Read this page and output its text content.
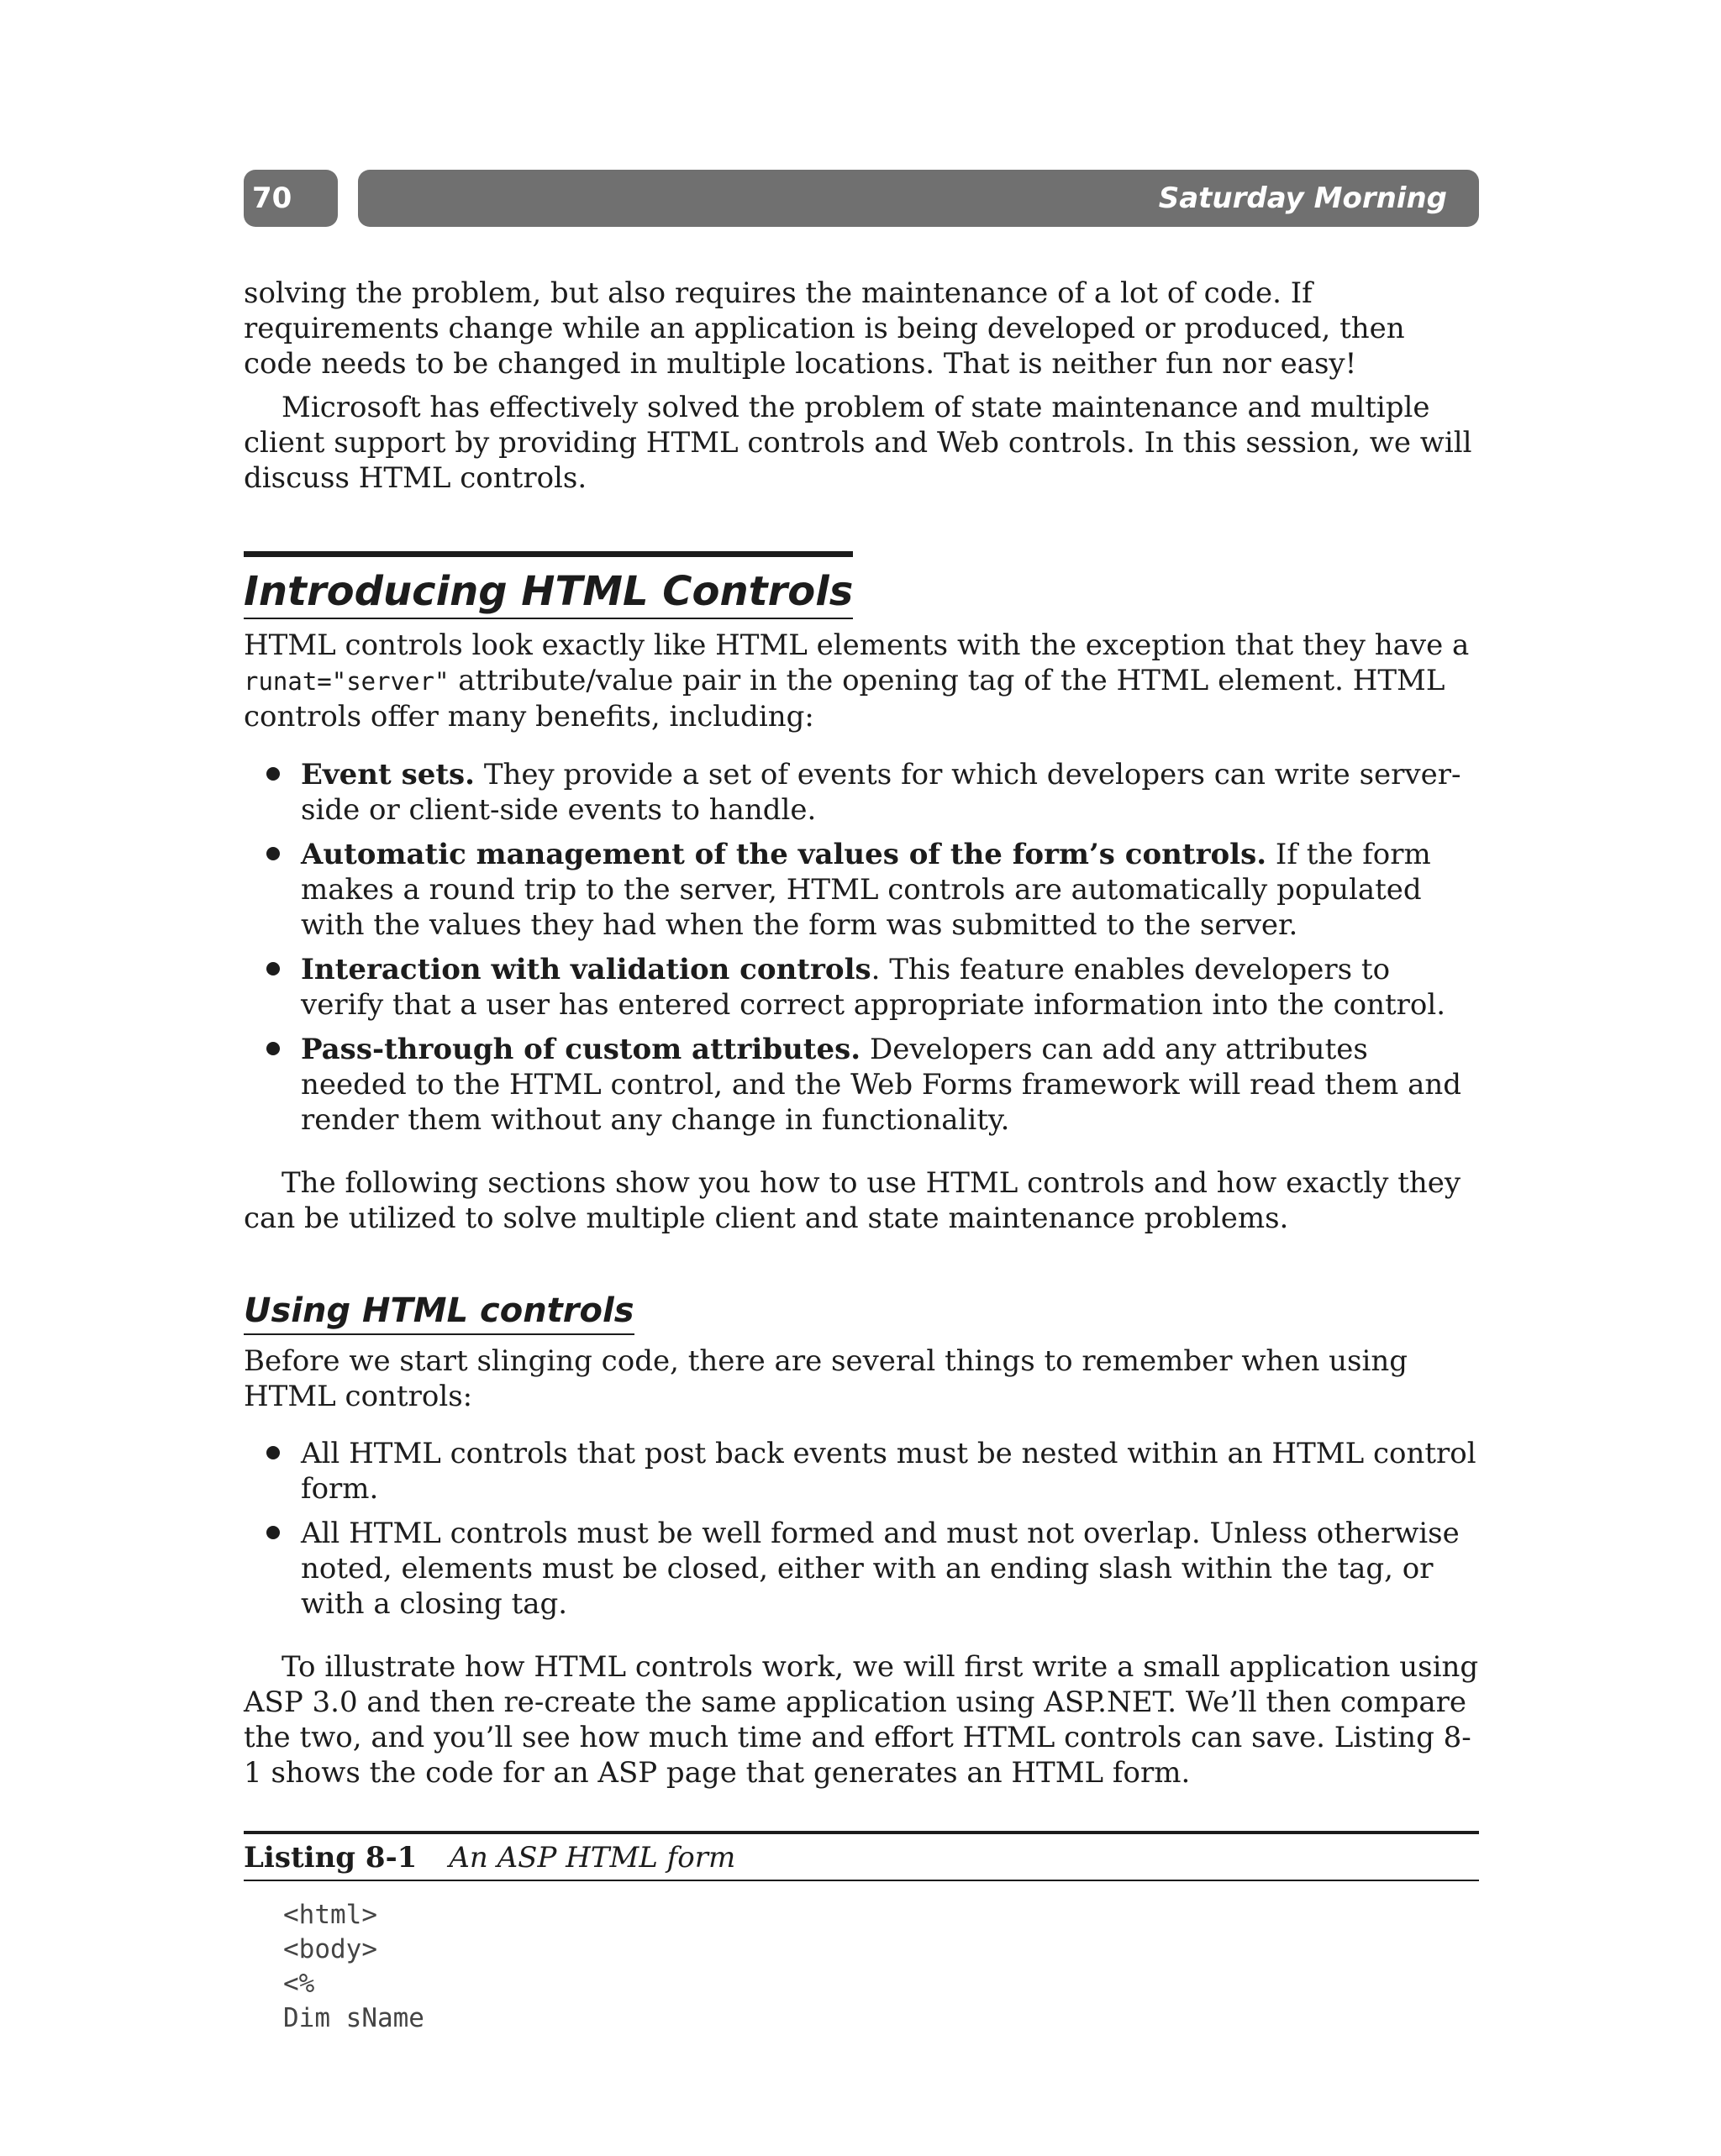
70	Saturday Morning

solving the problem, but also requires the maintenance of a lot of code. If requirements change while an application is being developed or produced, then code needs to be changed in multiple locations. That is neither fun nor easy!

Microsoft has effectively solved the problem of state maintenance and multiple client support by providing HTML controls and Web controls. In this session, we will discuss HTML controls.

Introducing HTML Controls

HTML controls look exactly like HTML elements with the exception that they have a runat="server" attribute/value pair in the opening tag of the HTML element. HTML controls offer many benefits, including:

Event sets. They provide a set of events for which developers can write server-side or client-side events to handle.
Automatic management of the values of the form’s controls. If the form makes a round trip to the server, HTML controls are automatically populated with the values they had when the form was submitted to the server.
Interaction with validation controls. This feature enables developers to verify that a user has entered correct appropriate information into the control.
Pass-through of custom attributes. Developers can add any attributes needed to the HTML control, and the Web Forms framework will read them and render them without any change in functionality.

The following sections show you how to use HTML controls and how exactly they can be utilized to solve multiple client and state maintenance problems.

Using HTML controls

Before we start slinging code, there are several things to remember when using HTML controls:

All HTML controls that post back events must be nested within an HTML control form.
All HTML controls must be well formed and must not overlap. Unless otherwise noted, elements must be closed, either with an ending slash within the tag, or with a closing tag.

To illustrate how HTML controls work, we will first write a small application using ASP 3.0 and then re-create the same application using ASP.NET. We’ll then compare the two, and you’ll see how much time and effort HTML controls can save. Listing 8-1 shows the code for an ASP page that generates an HTML form.

Listing 8-1 An ASP HTML form
<html>
<body>
<%
Dim sName
